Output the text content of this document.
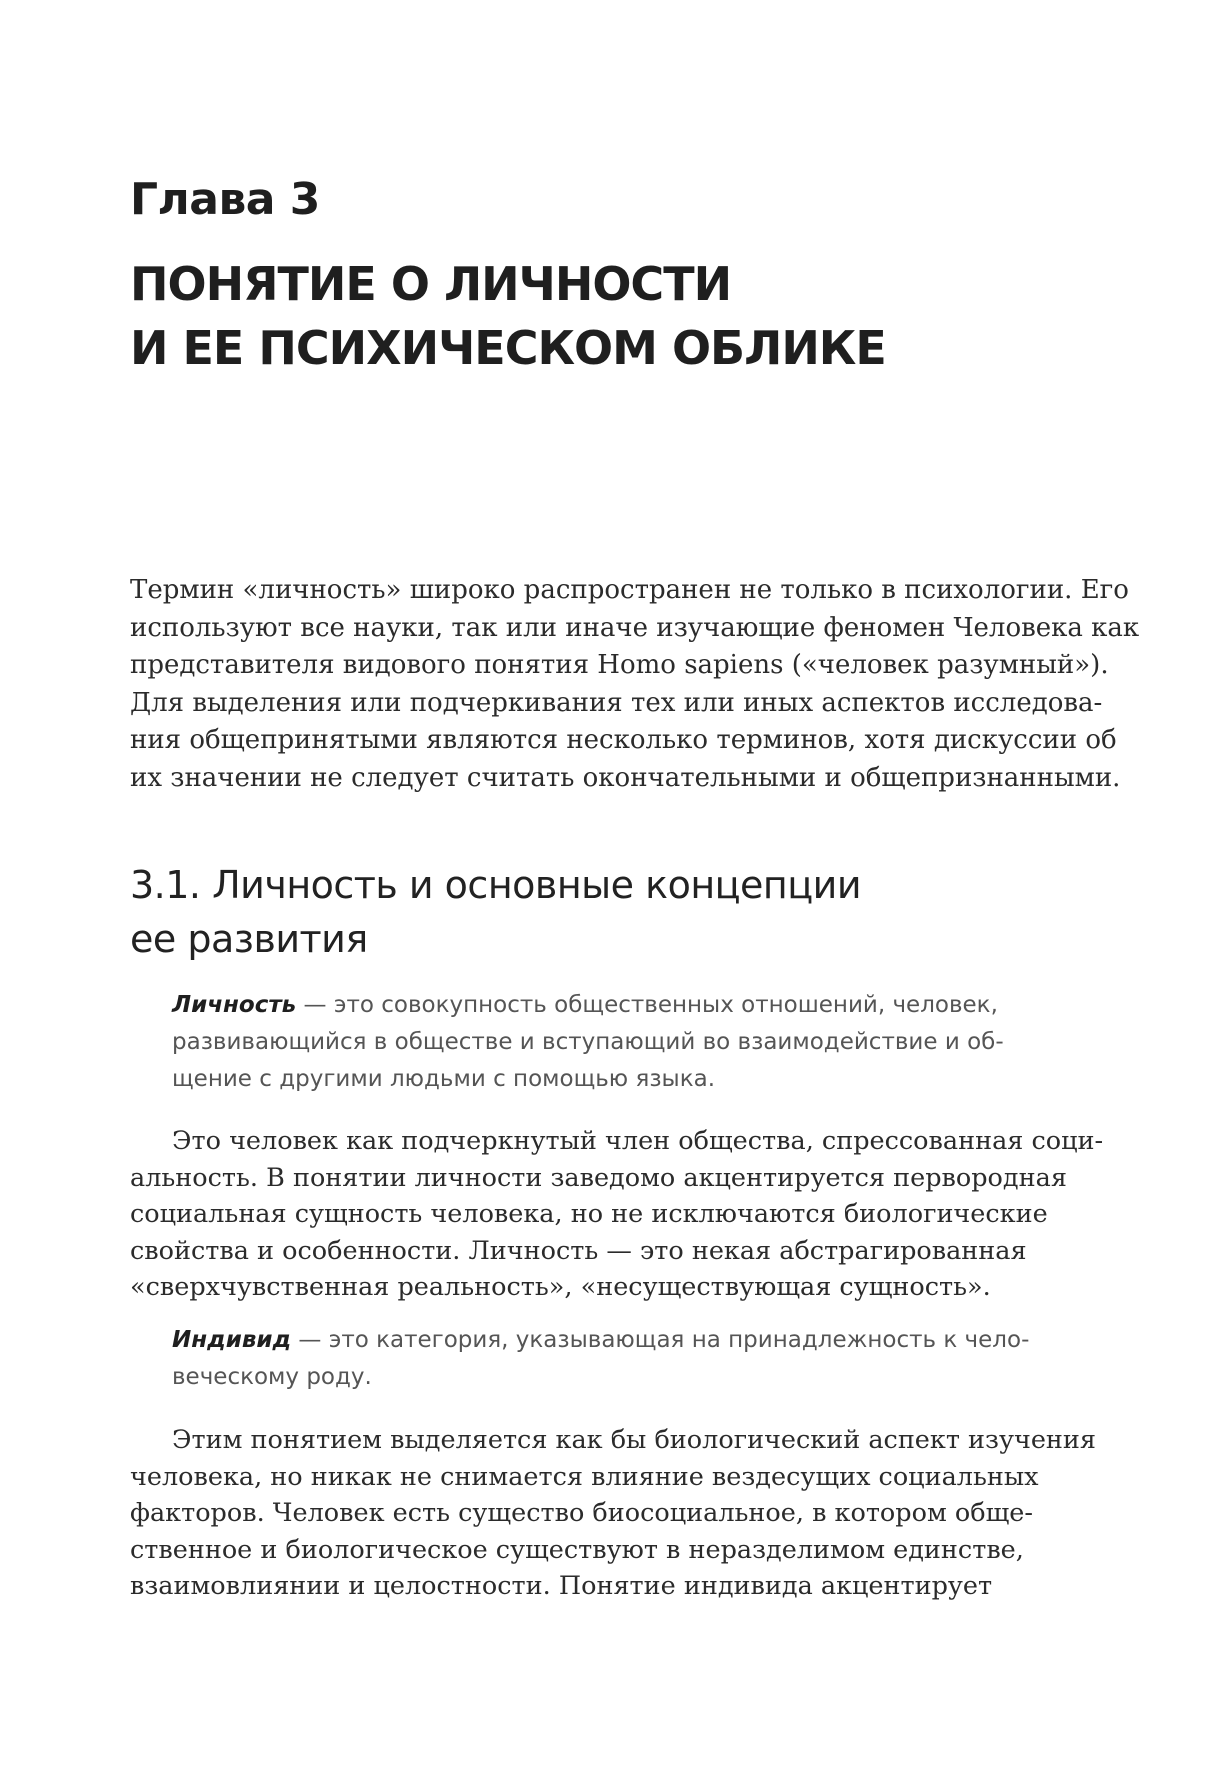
Глава 3
ПОНЯТИЕ О ЛИЧНОСТИ
И ЕЕ ПСИХИЧЕСКОМ ОБЛИКЕ
Термин «личность» широко распространен не только в психологии. Его
используют все науки, так или иначе изучающие феномен Человека как
представителя видового понятия Homo sapiens («человек разумный»).
Для выделения или подчеркивания тех или иных аспектов исследова-
ния общепринятыми являются несколько терминов, хотя дискуссии об
их значении не следует считать окончательными и общепризнанными.
3.1. Личность и основные концепции
ее развития
Личность — это совокупность общественных отношений, человек,
развивающийся в обществе и вступающий во взаимодействие и об-
щение с другими людьми с помощью языка.
Это человек как подчеркнутый член общества, спрессованная соци-
альность. В понятии личности заведомо акцентируется первородная
социальная сущность человека, но не исключаются биологические
свойства и особенности. Личность — это некая абстрагированная
«сверхчувственная реальность», «несуществующая сущность».
Индивид — это категория, указывающая на принадлежность к чело-
веческому роду.
Этим понятием выделяется как бы биологический аспект изучения
человека, но никак не снимается влияние вездесущих социальных
факторов. Человек есть существо биосоциальное, в котором обще-
ственное и биологическое существуют в неразделимом единстве,
взаимовлиянии и целостности. Понятие индивида акцентирует
